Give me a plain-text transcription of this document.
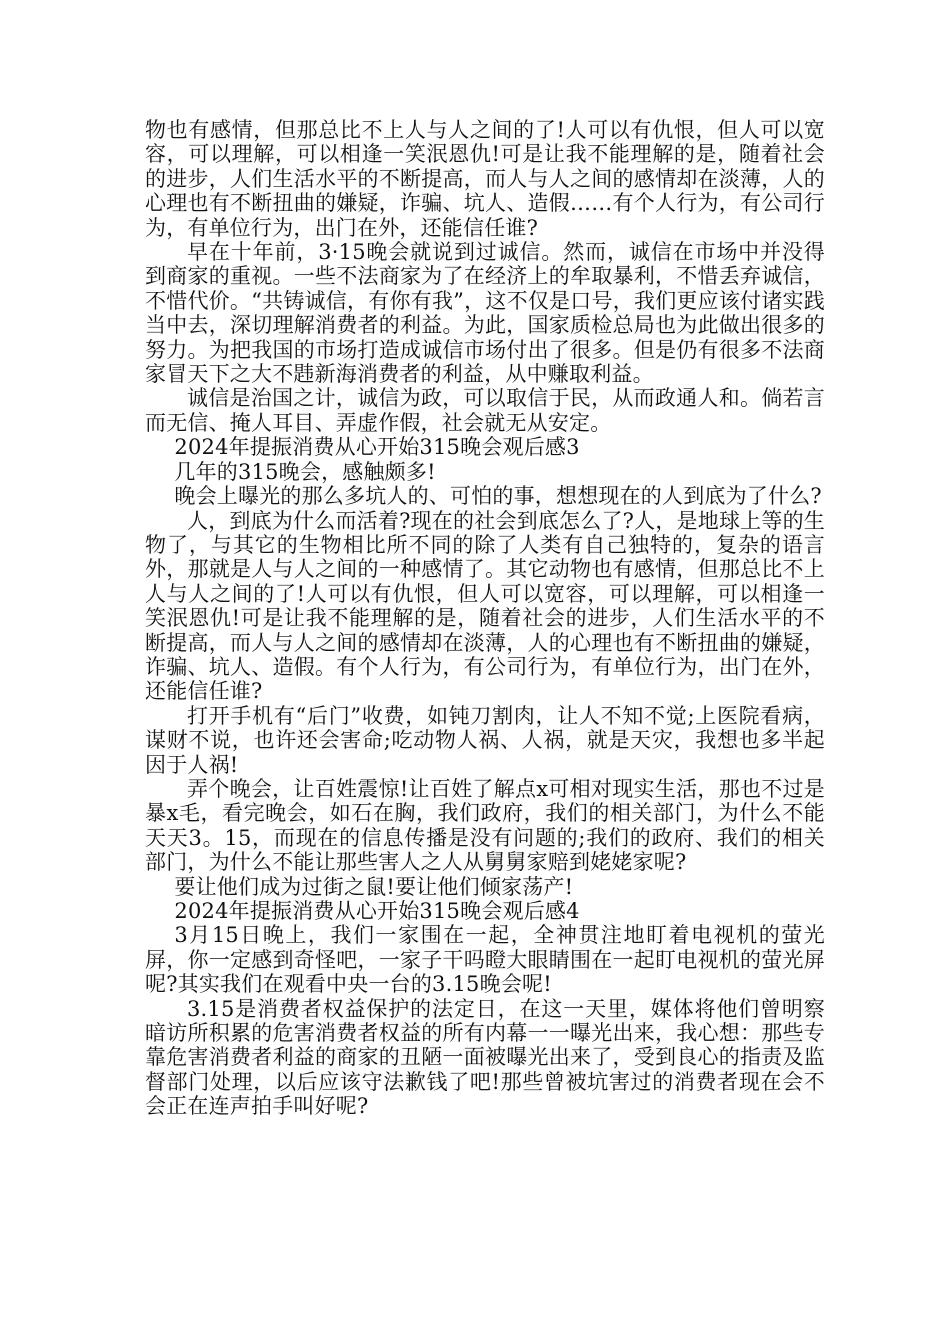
物也有感情，但那总比不上人与人之间的了!人可以有仇恨，但人可以宽容，可以理解，可以相逢一笑泯恩仇!可是让我不能理解的是，随着社会的进步，人们生活水平的不断提高，而人与人之间的感情却在淡薄，人的心理也有不断扭曲的嫌疑，诈骗、坑人、造假……有个人行为，有公司行为，有单位行为，出门在外，还能信任谁?

早在十年前，3·15晚会就说到过诚信。然而，诚信在市场中并没得到商家的重视。一些不法商家为了在经济上的牟取暴利，不惜丢弃诚信，不惜代价。“共铸诚信，有你有我”，这不仅是口号，我们更应该付诸实践当中去，深切理解消费者的利益。为此，国家质检总局也为此做出很多的努力。为把我国的市场打造成诚信市场付出了很多。但是仍有很多不法商家冒天下之大不韪新海消费者的利益，从中赚取利益。

诚信是治国之计，诚信为政，可以取信于民，从而政通人和。倘若言而无信、掩人耳目、弄虚作假，社会就无从安定。

2024年提振消费从心开始315晚会观后感3

几年的315晚会，感触颇多!

晚会上曝光的那么多坑人的、可怕的事，想想现在的人到底为了什么?

人，到底为什么而活着?现在的社会到底怎么了?人，是地球上等的生物了，与其它的生物相比所不同的除了人类有自己独特的，复杂的语言外，那就是人与人之间的一种感情了。其它动物也有感情，但那总比不上人与人之间的了!人可以有仇恨，但人可以宽容，可以理解，可以相逢一笑泯恩仇!可是让我不能理解的是，随着社会的进步，人们生活水平的不断提高，而人与人之间的感情却在淡薄，人的心理也有不断扭曲的嫌疑，诈骗、坑人、造假。有个人行为，有公司行为，有单位行为，出门在外，还能信任谁?

打开手机有“后门”收费，如钝刀割肉，让人不知不觉;上医院看病，谋财不说，也许还会害命;吃动物人祸、人祸，就是天灾，我想也多半起因于人祸!

弄个晚会，让百姓震惊!让百姓了解点x可相对现实生活，那也不过是暴x毛，看完晚会，如石在胸，我们政府，我们的相关部门，为什么不能天天3。15，而现在的信息传播是没有问题的;我们的政府、我们的相关部门，为什么不能让那些害人之人从舅舅家赔到姥姥家呢?

要让他们成为过街之鼠!要让他们倾家荡产!

2024年提振消费从心开始315晚会观后感4

3月15日晚上，我们一家围在一起，全神贯注地盯着电视机的萤光屏，你一定感到奇怪吧，一家子干吗瞪大眼睛围在一起盯电视机的萤光屏呢?其实我们在观看中央一台的3.15晚会呢!

3.15是消费者权益保护的法定日，在这一天里，媒体将他们曾明察暗访所积累的危害消费者权益的所有内幕一一曝光出来，我心想：那些专靠危害消费者利益的商家的丑陋一面被曝光出来了，受到良心的指责及监督部门处理，以后应该守法歉钱了吧!那些曾被坑害过的消费者现在会不会正在连声拍手叫好呢?
